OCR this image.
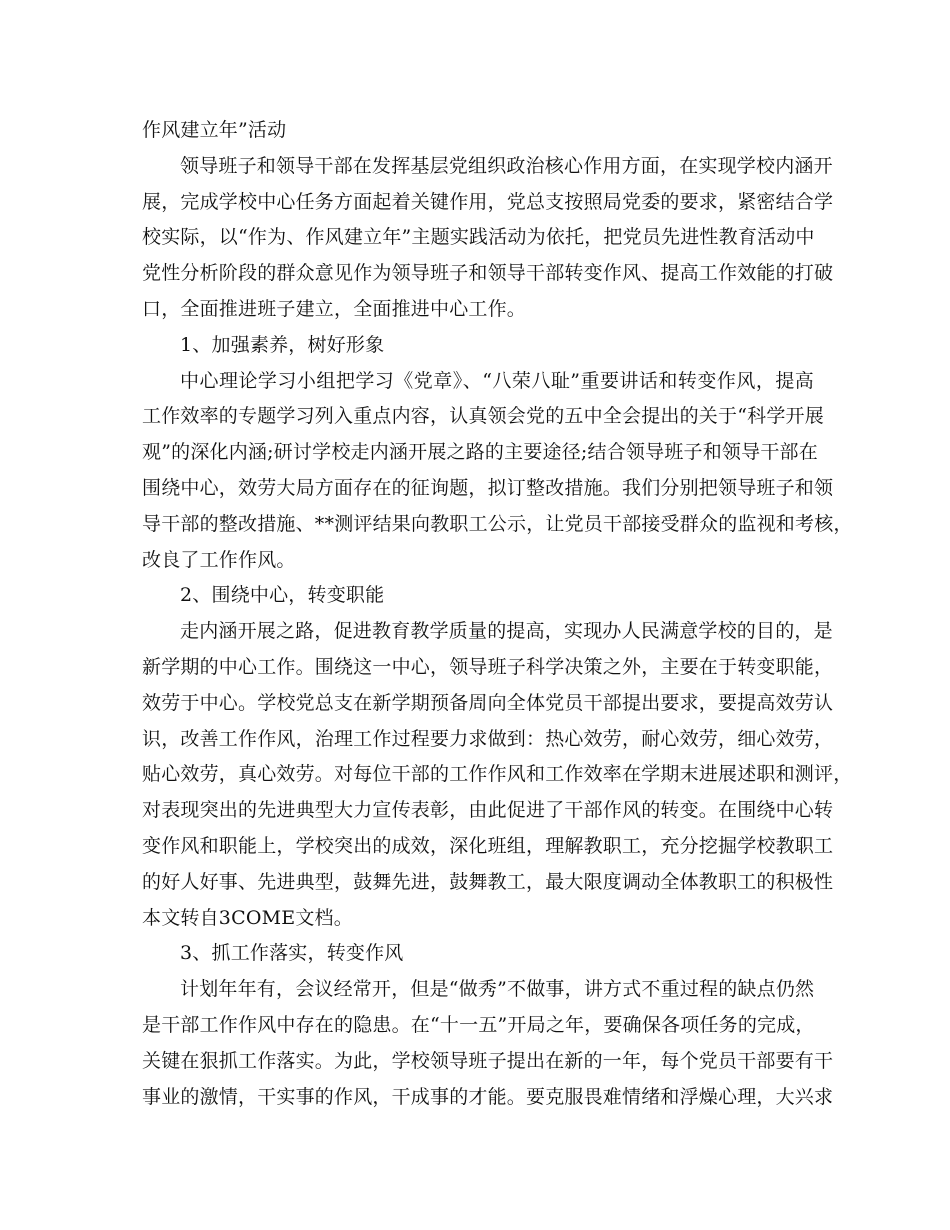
作风建立年”活动

领导班子和领导干部在发挥基层党组织政治核心作用方面，在实现学校内涵开

展，完成学校中心任务方面起着关键作用，党总支按照局党委的要求，紧密结合学

校实际，以“作为、作风建立年”主题实践活动为依托，把党员先进性教育活动中

党性分析阶段的群众意见作为领导班子和领导干部转变作风、提高工作效能的打破

口，全面推进班子建立，全面推进中心工作。

1、加强素养，树好形象

中心理论学习小组把学习《党章》、“八荣八耻”重要讲话和转变作风，提高

工作效率的专题学习列入重点内容，认真领会党的五中全会提出的关于“科学开展

观”的深化内涵;研讨学校走内涵开展之路的主要途径;结合领导班子和领导干部在

围绕中心，效劳大局方面存在的征询题，拟订整改措施。我们分别把领导班子和领

导干部的整改措施、**测评结果向教职工公示，让党员干部接受群众的监视和考核，

改良了工作作风。

2、围绕中心，转变职能

走内涵开展之路，促进教育教学质量的提高，实现办人民满意学校的目的，是

新学期的中心工作。围绕这一中心，领导班子科学决策之外，主要在于转变职能，

效劳于中心。学校党总支在新学期预备周向全体党员干部提出要求，要提高效劳认

识，改善工作作风，治理工作过程要力求做到：热心效劳，耐心效劳，细心效劳，

贴心效劳，真心效劳。对每位干部的工作作风和工作效率在学期末进展述职和测评，

对表现突出的先进典型大力宣传表彰，由此促进了干部作风的转变。在围绕中心转

变作风和职能上，学校突出的成效，深化班组，理解教职工，充分挖掘学校教职工

的好人好事、先进典型，鼓舞先进，鼓舞教工，最大限度调动全体教职工的积极性

本文转自3COME文档。

3、抓工作落实，转变作风

计划年年有，会议经常开，但是“做秀”不做事，讲方式不重过程的缺点仍然

是干部工作作风中存在的隐患。在“十一五”开局之年，要确保各项任务的完成，

关键在狠抓工作落实。为此，学校领导班子提出在新的一年，每个党员干部要有干

事业的激情，干实事的作风，干成事的才能。要克服畏难情绪和浮燥心理，大兴求
